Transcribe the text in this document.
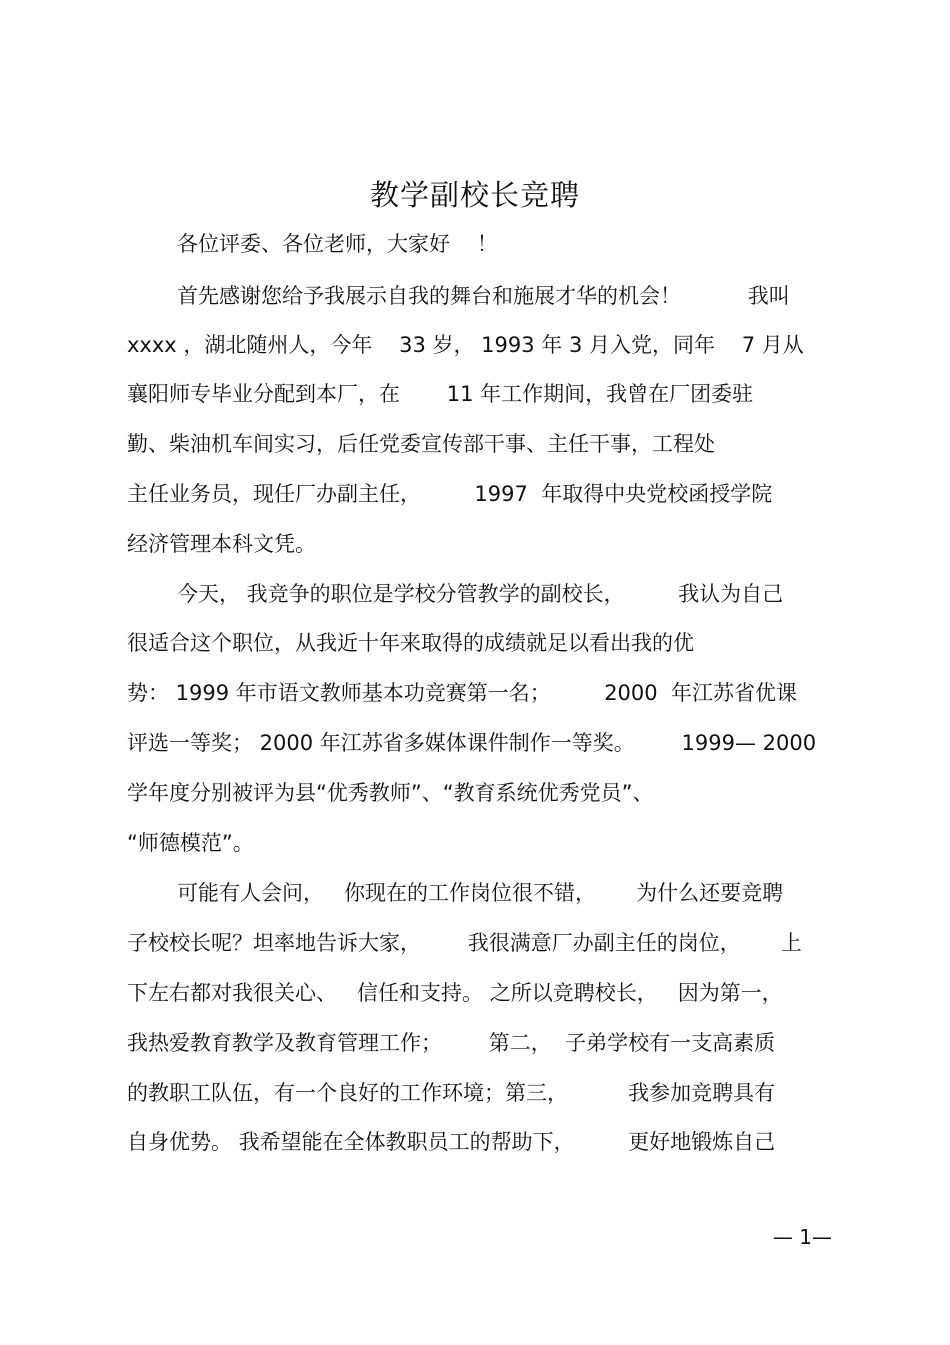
教学副校长竞聘
各位评委、各位老师，大家好    ！
首先感谢您给予我展示自我的舞台和施展才华的机会！          我叫
xxxx ，湖北随州人，今年    33 岁， 1993 年 3 月入党，同年    7 月从
襄阳师专毕业分配到本厂，在       11 年工作期间，我曾在厂团委驻
勤、柴油机车间实习，后任党委宣传部干事、主任干事，工程处
主任业务员，现任厂办副主任，        1997  年取得中央党校函授学院
经济管理本科文凭。
今天， 我竞争的职位是学校分管教学的副校长，        我认为自己
很适合这个职位，从我近十年来取得的成绩就足以看出我的优
势： 1999 年市语文教师基本功竞赛第一名；        2000  年江苏省优课
评选一等奖； 2000 年江苏省多媒体课件制作一等奖。       1999— 2000
学年度分别被评为县“优秀教师”、“教育系统优秀党员”、
“师德模范”。
可能有人会问，   你现在的工作岗位很不错，      为什么还要竞聘
子校校长呢？坦率地告诉大家，       我很满意厂办副主任的岗位，      上
下左右都对我很关心、   信任和支持。 之所以竞聘校长，   因为第一，
我热爱教育教学及教育管理工作；       第二，  子弟学校有一支高素质
的教职工队伍，有一个良好的工作环境；第三，         我参加竞聘具有
自身优势。 我希望能在全体教职员工的帮助下，        更好地锻炼自己
— 1—
